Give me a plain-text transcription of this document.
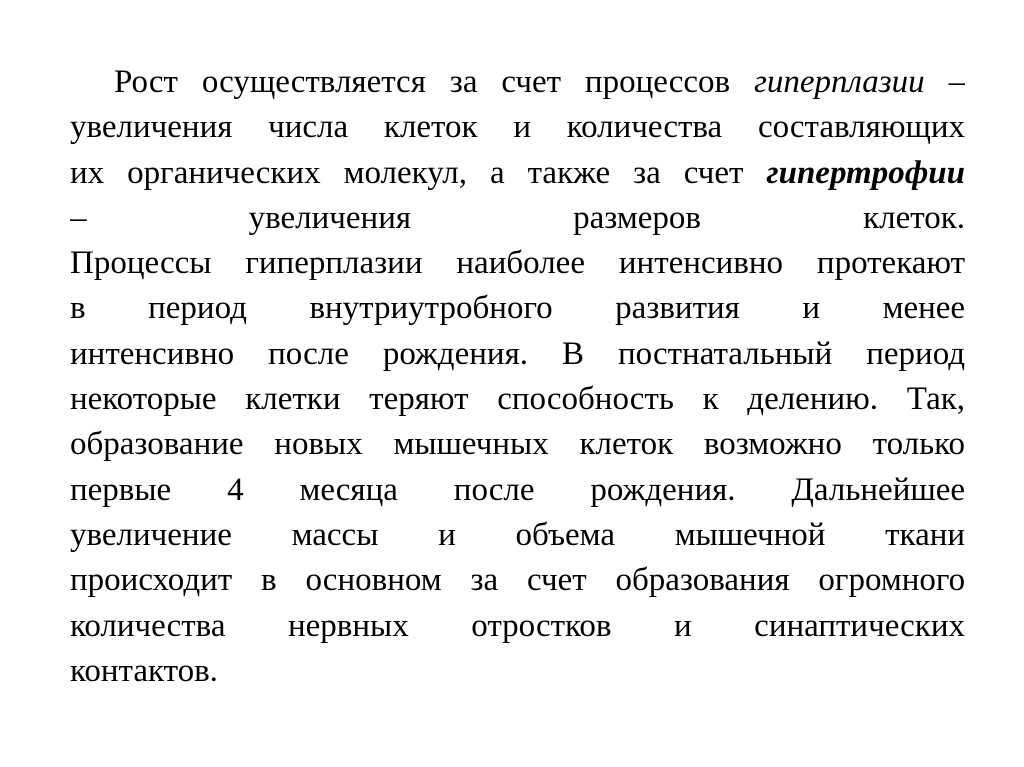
Рост осуществляется за счет процессов гиперплазии –
увеличения числа клеток и количества составляющих
их органических молекул, а также за счет гипертрофии
–	увеличения	размеров	клеток.
Процессы гиперплазии наиболее интенсивно протекают
в период внутриутробного развития и менее
интенсивно после рождения. В постнатальный период
некоторые клетки теряют способность к делению. Так,
образование новых мышечных клеток возможно только
первые 4 месяца после рождения. Дальнейшее
увеличение массы и объема мышечной ткани
происходит в основном за счет образования огромного
количества нервных отростков и синаптических
контактов.
